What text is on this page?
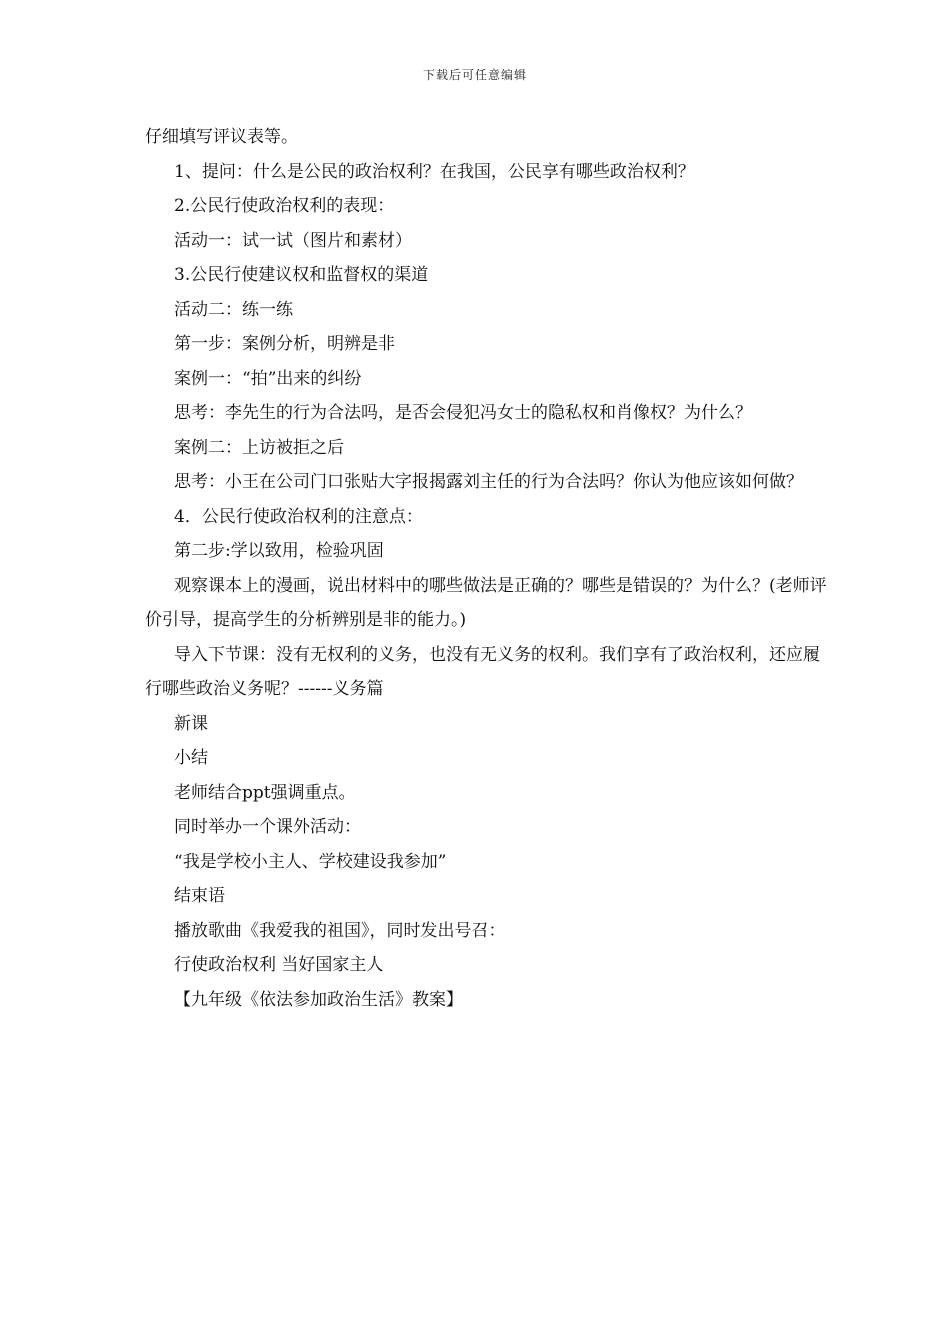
下载后可任意编辑

仔细填写评议表等。

1、提问：什么是公民的政治权利？在我国，公民享有哪些政治权利？

2.公民行使政治权利的表现：

活动一：试一试（图片和素材）

3.公民行使建议权和监督权的渠道

活动二：练一练

第一步：案例分析，明辨是非

案例一：“拍”出来的纠纷

思考：李先生的行为合法吗，是否会侵犯冯女士的隐私权和肖像权？为什么？

案例二：上访被拒之后

思考：小王在公司门口张贴大字报揭露刘主任的行为合法吗？你认为他应该如何做？

4．公民行使政治权利的注意点：

第二步:学以致用，检验巩固

观察课本上的漫画，说出材料中的哪些做法是正确的？哪些是错误的？为什么？(老师评价引导，提高学生的分析辨别是非的能力。)

导入下节课：没有无权利的义务，也没有无义务的权利。我们享有了政治权利，还应履行哪些政治义务呢？------义务篇

新课

小结

老师结合ppt强调重点。

同时举办一个课外活动：

“我是学校小主人、学校建设我参加”

结束语

播放歌曲《我爱我的祖国》，同时发出号召：

行使政治权利 当好国家主人

【九年级《依法参加政治生活》教案】
